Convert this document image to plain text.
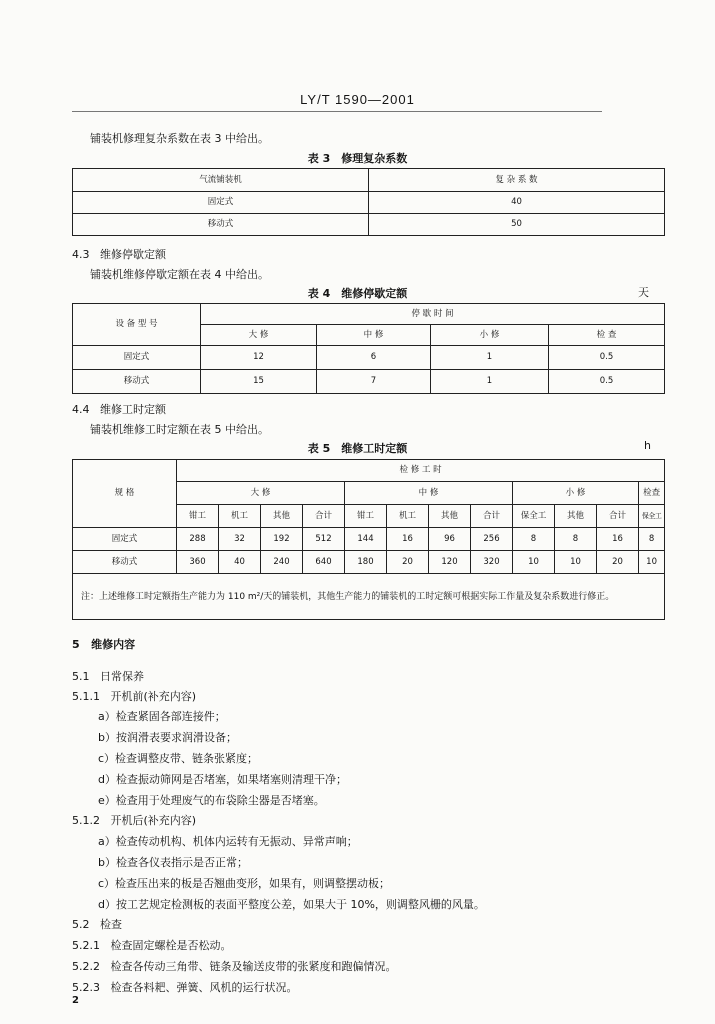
LY/T 1590—2001
铺装机修理复杂系数在表 3 中给出。
表 3　修理复杂系数
气流铺装机	复 杂 系 数
固定式	40
移动式	50
4.3 维修停歇定额
铺装机维修停歇定额在表 4 中给出。
表 4　维修停歇定额	天
设 备 型 号	停 歇 时 间			
	大 修	中 修	小 修	检 查
固定式	12	6	1	0.5
移动式	15	7	1	0.5
4.4 维修工时定额
铺装机维修工时定额在表 5 中给出。
表 5　维修工时定额	h
规 格	检 修 工 时											
	大 修				中 修				小 修			检查
	钳工	机工	其他	合计	钳工	机工	其他	合计	保全工	其他	合计	保全工
固定式	288	32	192	512	144	16	96	256	8	8	16	8
移动式	360	40	240	640	180	20	120	320	10	10	20	10
注：上述维修工时定额指生产能力为 110 m²/天的铺装机，其他生产能力的铺装机的工时定额可根据实际工作量及复杂系数进行修正。												
5 维修内容
5.1 日常保养
5.1.1 开机前(补充内容)
a）检查紧固各部连接件；
b）按润滑表要求润滑设备；
c）检查调整皮带、链条张紧度；
d）检查振动筛网是否堵塞，如果堵塞则清理干净；
e）检查用于处理废气的布袋除尘器是否堵塞。
5.1.2 开机后(补充内容)
a）检查传动机构、机体内运转有无振动、异常声响；
b）检查各仪表指示是否正常；
c）检查压出来的板是否翘曲变形，如果有，则调整摆动板；
d）按工艺规定检测板的表面平整度公差，如果大于 10%，则调整风栅的风量。
5.2 检查
5.2.1 检查固定螺栓是否松动。
5.2.2 检查各传动三角带、链条及输送皮带的张紧度和跑偏情况。
5.2.3 检查各料耙、弹簧、风机的运行状况。
2
